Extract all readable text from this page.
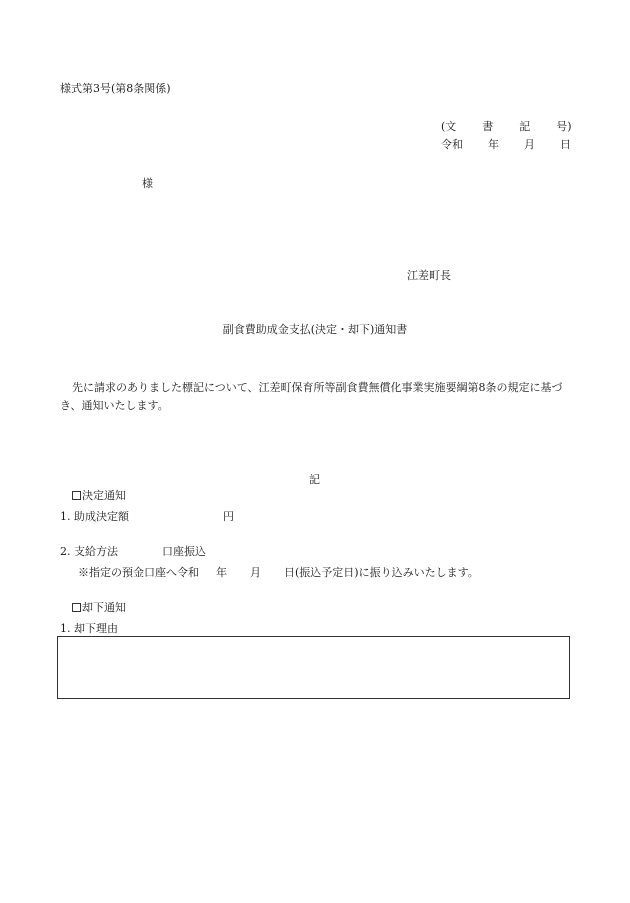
様式第3号(第8条関係)
(文 書 記 号)
令和 年 月 日
様
江差町長
副食費助成金支払(決定・却下)通知書
先に請求のありました標記について、江差町保育所等副食費無償化事業実施要綱第8条の規定に基づき、通知いたします。
記
決定通知
1. 助成決定額	円
2. 支給方法	口座振込
※指定の預金口座へ令和 年 月 日(振込予定日)に振り込みいたします。
却下通知
1. 却下理由
